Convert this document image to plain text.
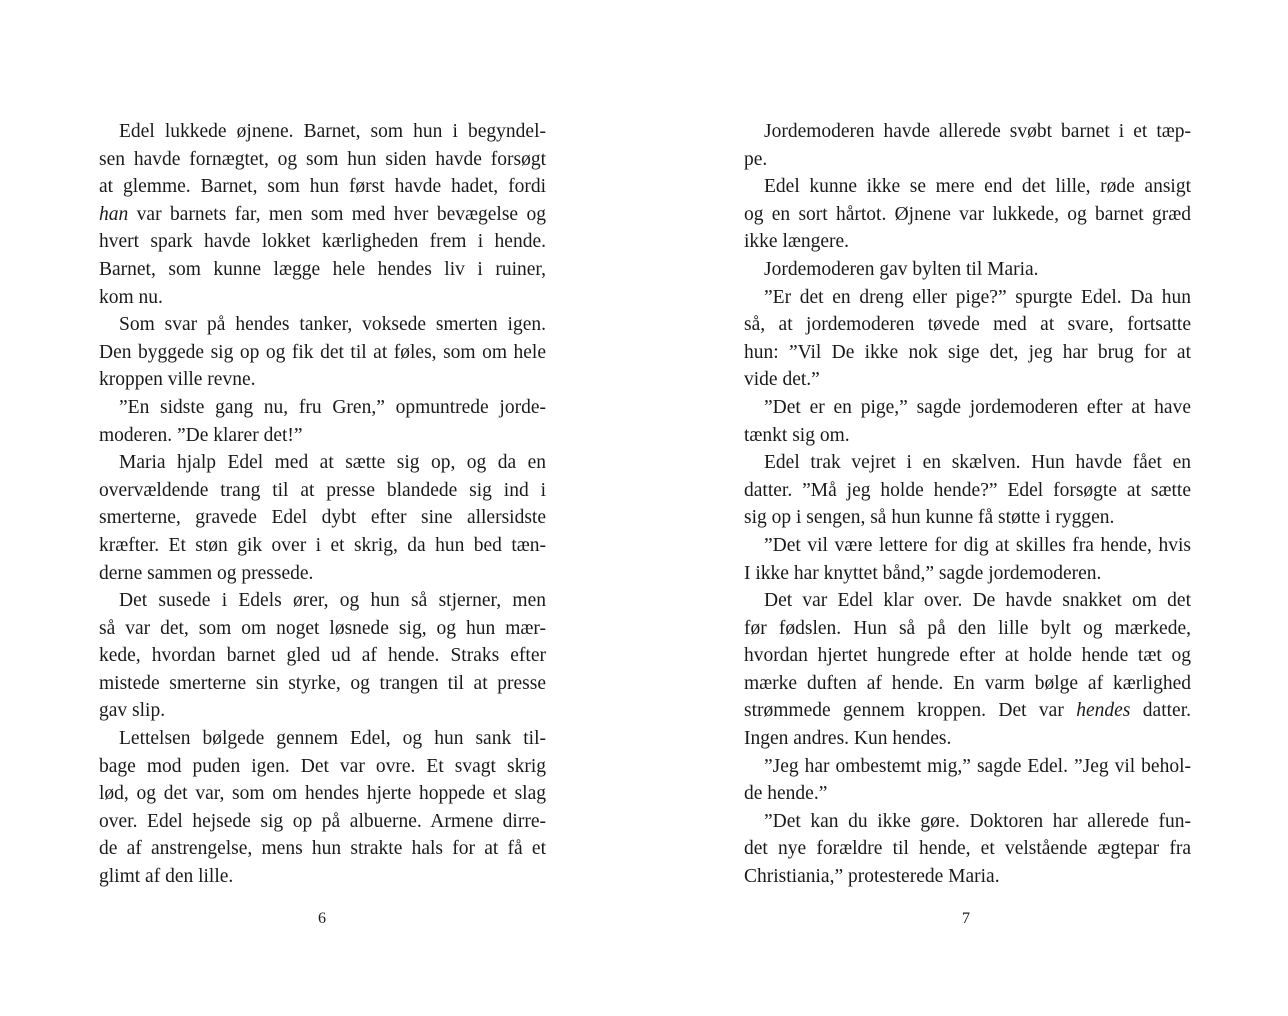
Edel lukkede øjnene. Barnet, som hun i begyndel-
sen havde fornægtet, og som hun siden havde forsøgt
at glemme. Barnet, som hun først havde hadet, fordi
han var barnets far, men som med hver bevægelse og
hvert spark havde lokket kærligheden frem i hende.
Barnet, som kunne lægge hele hendes liv i ruiner,
kom nu.
Som svar på hendes tanker, voksede smerten igen.
Den byggede sig op og fik det til at føles, som om hele
kroppen ville revne.
”En sidste gang nu, fru Gren,” opmuntrede jorde-
moderen. ”De klarer det!”
Maria hjalp Edel med at sætte sig op, og da en
overvældende trang til at presse blandede sig ind i
smerterne, gravede Edel dybt efter sine allersidste
kræfter. Et støn gik over i et skrig, da hun bed tæn-
derne sammen og pressede.
Det susede i Edels ører, og hun så stjerner, men
så var det, som om noget løsnede sig, og hun mær-
kede, hvordan barnet gled ud af hende. Straks efter
mistede smerterne sin styrke, og trangen til at presse
gav slip.
Lettelsen bølgede gennem Edel, og hun sank til-
bage mod puden igen. Det var ovre. Et svagt skrig
lød, og det var, som om hendes hjerte hoppede et slag
over. Edel hejsede sig op på albuerne. Armene dirre-
de af anstrengelse, mens hun strakte hals for at få et
glimt af den lille.
Jordemoderen havde allerede svøbt barnet i et tæp-
pe.
Edel kunne ikke se mere end det lille, røde ansigt
og en sort hårtot. Øjnene var lukkede, og barnet græd
ikke længere.
Jordemoderen gav bylten til Maria.
”Er det en dreng eller pige?” spurgte Edel. Da hun
så, at jordemoderen tøvede med at svare, fortsatte
hun: ”Vil De ikke nok sige det, jeg har brug for at
vide det.”
”Det er en pige,” sagde jordemoderen efter at have
tænkt sig om.
Edel trak vejret i en skælven. Hun havde fået en
datter. ”Må jeg holde hende?” Edel forsøgte at sætte
sig op i sengen, så hun kunne få støtte i ryggen.
”Det vil være lettere for dig at skilles fra hende, hvis
I ikke har knyttet bånd,” sagde jordemoderen.
Det var Edel klar over. De havde snakket om det
før fødslen. Hun så på den lille bylt og mærkede,
hvordan hjertet hungrede efter at holde hende tæt og
mærke duften af hende. En varm bølge af kærlighed
strømmede gennem kroppen. Det var hendes datter.
Ingen andres. Kun hendes.
”Jeg har ombestemt mig,” sagde Edel. ”Jeg vil behol-
de hende.”
”Det kan du ikke gøre. Doktoren har allerede fun-
det nye forældre til hende, et velstående ægtepar fra
Christiania,” protesterede Maria.
6	7
